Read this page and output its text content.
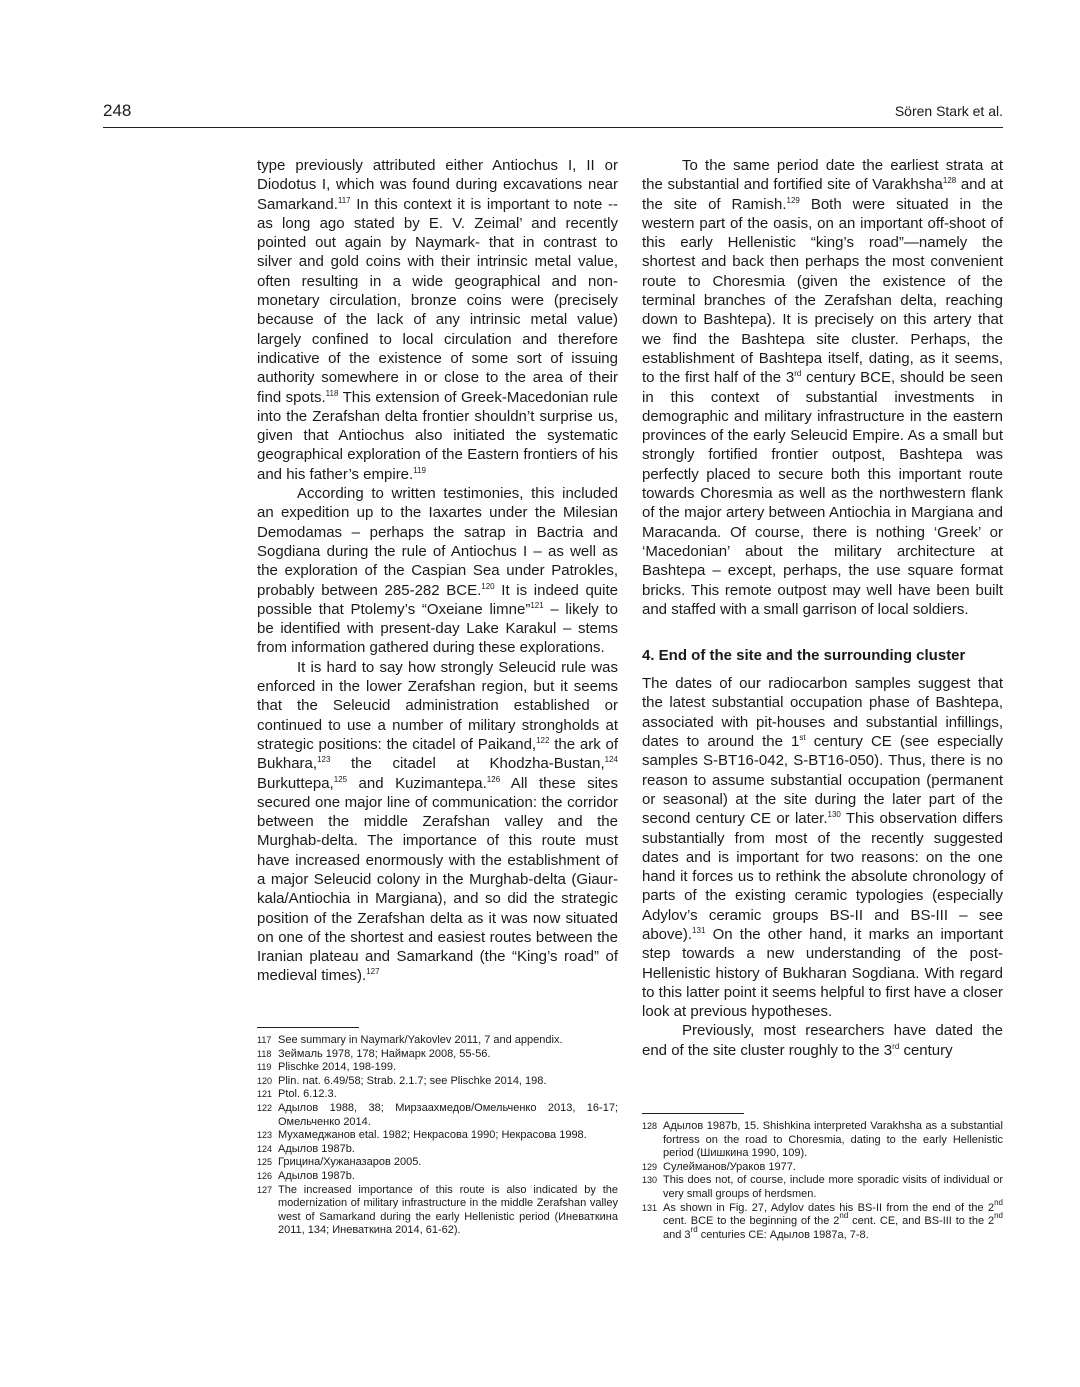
248	Sören Stark et al.

type previously attributed either Antiochus I, II or Diodotus I, which was found during excavations near Samarkand.$^{117}$ In this context it is important to note --as long ago stated by E. V. Zeimal’ and recently pointed out again by Naymark- that in contrast to silver and gold coins with their intrinsic metal value, often resulting in a wide geographical and non-monetary circulation, bronze coins were (precisely because of the lack of any intrinsic metal value) largely confined to local circulation and therefore indicative of the existence of some sort of issuing authority somewhere in or close to the area of their find spots.$^{118}$ This extension of Greek-Macedonian rule into the Zerafshan delta frontier shouldn’t surprise us, given that Antiochus also initiated the systematic geographical exploration of the Eastern frontiers of his and his father’s empire.$^{119}$

According to written testimonies, this included an expedition up to the Iaxartes under the Milesian Demodamas – perhaps the satrap in Bactria and Sogdiana during the rule of Antiochus I – as well as the exploration of the Caspian Sea under Patrokles, probably between 285-282 BCE.$^{120}$ It is indeed quite possible that Ptolemy’s “Oxeiane limne”$^{121}$ – likely to be identified with present-day Lake Karakul – stems from information gathered during these explorations.

It is hard to say how strongly Seleucid rule was enforced in the lower Zerafshan region, but it seems that the Seleucid administration established or continued to use a number of military strongholds at strategic positions: the citadel of Paikand,$^{122}$ the ark of Bukhara,$^{123}$ the citadel at Khodzha-Bustan,$^{124}$ Burkuttepa,$^{125}$ and Kuzimantepa.$^{126}$ All these sites secured one major line of communication: the corridor between the middle Zerafshan valley and the Murghab-delta. The importance of this route must have increased enormously with the establishment of a major Seleucid colony in the Murghab-delta (Giaur-kala/Antiochia in Margiana), and so did the strategic position of the Zerafshan delta as it was now situated on one of the shortest and easiest routes between the Iranian plateau and Samarkand (the “King’s road” of medieval times).$^{127}$

To the same period date the earliest strata at the substantial and fortified site of Varakhsha$^{128}$ and at the site of Ramish.$^{129}$ Both were situated in the western part of the oasis, on an important off-shoot of this early Hellenistic “king’s road”—namely the shortest and back then perhaps the most convenient route to Choresmia (given the existence of the terminal branches of the Zerafshan delta, reaching down to Bashtepa). It is precisely on this artery that we find the Bashtepa site cluster. Perhaps, the establishment of Bashtepa itself, dating, as it seems, to the first half of the 3rd century BCE, should be seen in this context of substantial investments in demographic and military infrastructure in the eastern provinces of the early Seleucid Empire. As a small but strongly fortified frontier outpost, Bashtepa was perfectly placed to secure both this important route towards Choresmia as well as the northwestern flank of the major artery between Antiochia in Margiana and Maracanda. Of course, there is nothing ‘Greek’ or ‘Macedonian’ about the military architecture at Bashtepa – except, perhaps, the use square format bricks. This remote outpost may well have been built and staffed with a small garrison of local soldiers.

4. End of the site and the surrounding cluster

The dates of our radiocarbon samples suggest that the latest substantial occupation phase of Bashtepa, associated with pit-houses and substantial infillings, dates to around the 1st century CE (see especially samples S-BT16-042, S-BT16-050). Thus, there is no reason to assume substantial occupation (permanent or seasonal) at the site during the later part of the second century CE or later.$^{130}$ This observation differs substantially from most of the recently suggested dates and is important for two reasons: on the one hand it forces us to rethink the absolute chronology of parts of the existing ceramic typologies (especially Adylov’s ceramic groups BS-II and BS-III – see above).$^{131}$ On the other hand, it marks an important step towards a new understanding of the post-Hellenistic history of Bukharan Sogdiana. With regard to this latter point it seems helpful to first have a closer look at previous hypotheses.

Previously, most researchers have dated the end of the site cluster roughly to the 3rd century

117 See summary in Naymark/Yakovlev 2011, 7 and appendix.
118 Зеймаль 1978, 178; Наймарк 2008, 55-56.
119 Plischke 2014, 198-199.
120 Plin. nat. 6.49/58; Strab. 2.1.7; see Plischke 2014, 198.
121 Ptol. 6.12.3.
122 Адылов 1988, 38; Мирзаахмедов/Омельченко 2013, 16-17; Омельченко 2014.
123 Мухамеджанов etal. 1982; Некрасова 1990; Некрасова 1998.
124 Адылов 1987b.
125 Грицина/Хужаназаров 2005.
126 Адылов 1987b.
127 The increased importance of this route is also indicated by the modernization of military infrastructure in the middle Zerafshan valley west of Samarkand during the early Hellenistic period (Иневаткина 2011, 134; Иневаткина 2014, 61-62).
128 Адылов 1987b, 15. Shishkina interpreted Varakhsha as a substantial fortress on the road to Choresmia, dating to the early Hellenistic period (Шишкина 1990, 109).
129 Сулейманов/Ураков 1977.
130 This does not, of course, include more sporadic visits of individual or very small groups of herdsmen.
131 As shown in Fig. 27, Adylov dates his BS-II from the end of the 2nd cent. BCE to the beginning of the 2nd cent. CE, and BS-III to the 2nd and 3rd centuries CE: Адылов 1987a, 7-8.
